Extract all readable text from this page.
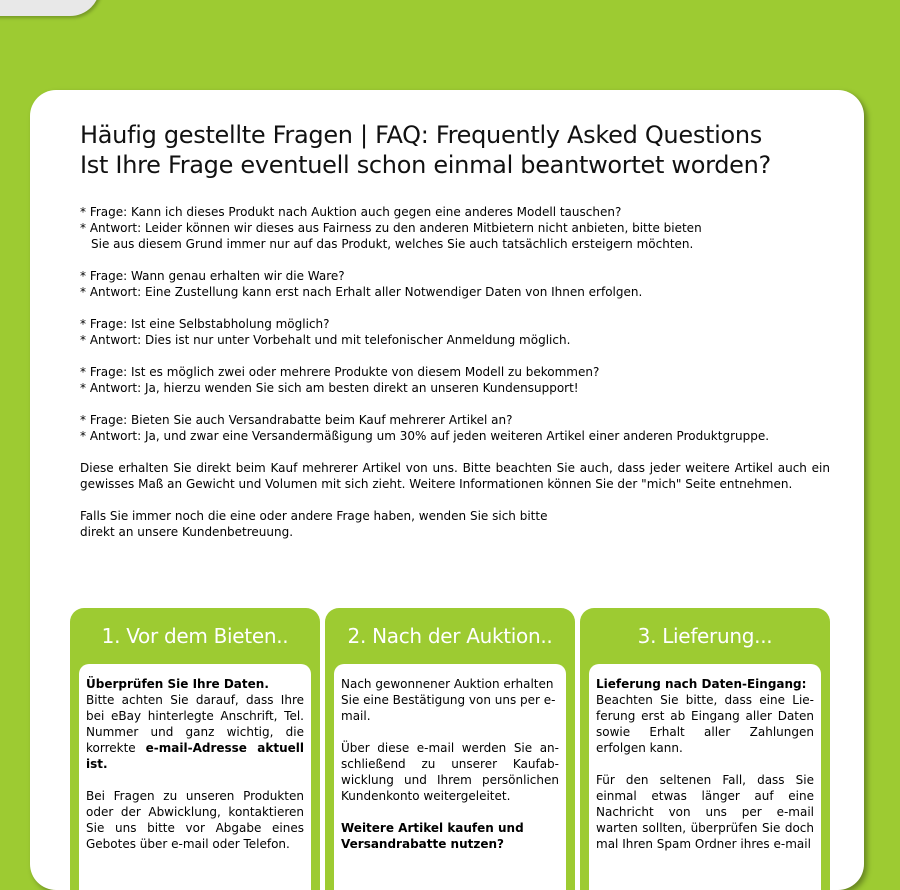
Häufig gestellte Fragen | FAQ: Frequently Asked Questions
Ist Ihre Frage eventuell schon einmal beantwortet worden?

* Frage: Kann ich dieses Produkt nach Auktion auch gegen eine anderes Modell tauschen?

* Antwort: Leider können wir dieses aus Fairness zu den anderen Mitbietern nicht anbieten, bitte bieten

Sie aus diesem Grund immer nur auf das Produkt, welches Sie auch tatsächlich ersteigern möchten.

* Frage: Wann genau erhalten wir die Ware?

* Antwort: Eine Zustellung kann erst nach Erhalt aller Notwendiger Daten von Ihnen erfolgen.

* Frage: Ist eine Selbstabholung möglich?

* Antwort: Dies ist nur unter Vorbehalt und mit telefonischer Anmeldung möglich.

* Frage: Ist es möglich zwei oder mehrere Produkte von diesem Modell zu bekommen?

* Antwort: Ja, hierzu wenden Sie sich am besten direkt an unseren Kundensupport!

* Frage: Bieten Sie auch Versandrabatte beim Kauf mehrerer Artikel an?

* Antwort: Ja, und zwar eine Versandermäßigung um 30% auf jeden weiteren Artikel einer anderen Produktgruppe.

Diese erhalten Sie direkt beim Kauf mehrerer Artikel von uns. Bitte beachten Sie auch, dass jeder weitere Artikel auch ein gewisses Maß an Gewicht und Volumen mit sich zieht. Weitere Informationen können Sie der "mich" Seite entnehmen.

Falls Sie immer noch die eine oder andere Frage haben, wenden Sie sich bitte
direkt an unsere Kundenbetreuung.

1. Vor dem Bieten..

Überprüfen Sie Ihre Daten.
Bitte achten Sie darauf, dass Ihre bei eBay hinterlegte Anschrift, Tel. Nummer und ganz wichtig, die korrekte e-mail-Adresse aktuell ist.

Bei Fragen zu unseren Produkten oder der Abwicklung, kontaktieren Sie uns bitte vor Abgabe eines Gebotes über e-mail oder Telefon.

2. Nach der Auktion..

Nach gewonnener Auktion erhalten Sie eine Bestätigung von uns per e-mail.

Über diese e-mail werden Sie an-schließend zu unserer Kaufab-wicklung und Ihrem persönlichen Kundenkonto weitergeleitet.

Weitere Artikel kaufen und Versandrabatte nutzen?

3. Lieferung...

Lieferung nach Daten-Eingang:
Beachten Sie bitte, dass eine Lie-ferung erst ab Eingang aller Daten sowie Erhalt aller Zahlungen erfolgen kann.

Für den seltenen Fall, dass Sie einmal etwas länger auf eine Nachricht von uns per e-mail warten sollten, überprüfen Sie doch mal Ihren Spam Ordner ihres e-mail
